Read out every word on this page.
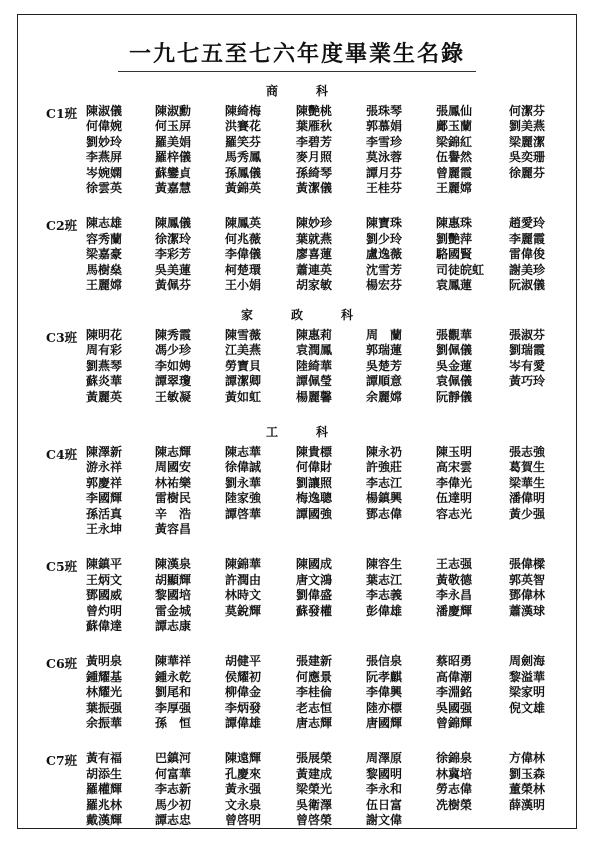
一九七五至七六年度畢業生名錄
商	科
C1班 陳淑儀	陳淑勳	陳綺梅	陳艷桃	張珠琴	張鳳仙	何潔芬
何偉婉	何玉屏	洪賽花	葉雁秋	郭慕娟	鄺玉蘭	劉美燕
劉妙玲	羅美娟	羅笑芬	李碧芳	李雪珍	梁錦紅	梁麗潔
李燕屏	羅梓儀	馬秀鳳	麥月照	莫泳蓉	伍譽然	吳奕珊
岑婉嫻	蘇鑾貞	孫鳳儀	孫綺琴	譚月芬	曾麗霞	徐麗芬
徐雲英	黃嘉慧	黃錦英	黃潔儀	王桂芬	王麗嫦
C2班 陳志雄	陳鳳儀	陳鳳英	陳妙珍	陳寶珠	陳惠珠	趙愛玲
容秀蘭	徐潔玲	何兆薇	葉就燕	劉少玲	劉艷萍	李麗霞
梁嘉豪	李彩芳	李偉儀	廖喜蓮	盧逸薇	駱國賢	雷偉俊
馬樹燊	吳美蓮	柯楚環	蕭連英	沈雪芳	司徒皖虹 謝美珍
王麗嫦	黃佩芬	王小娟	胡家敏	楊宏芬	袁鳳蓮	阮淑儀
家	政	科
C3班 陳明花	陳秀霞	陳雪薇	陳惠莉	周　蘭	張觀華	張淑芬
周有彩	馮少珍	江美燕	袁潤鳳	郭瑞蓮	劉佩儀	劉瑞霞
劉燕琴	李如娉	勞寶貝	陸綺華	吳楚芳	吳金蓮	岑有愛
蘇炎華	譚翠瓊	譚潔卿	譚佩瑩	譚順意	袁佩儀	黃巧玲
黃麗英	王敏凝	黃如虹	楊麗馨	余麗嫦	阮靜儀
工	科
C4班 陳澤新	陳志輝	陳志華	陳貴標	陳永礽	陳玉明	張志強
游永祥	周國安	徐偉誠	何偉財	許強莊	高宋雲	葛賀生
郭慶祥	林祐樂	劉永華	劉讓照	李志江	李偉光	梁華生
李國輝	雷樹民	陸家強	梅逸聰	楊鎮興	伍達明	潘偉明
孫活真	辛　浩	譚啓華	譚國強	鄧志偉	容志光	黃少强
王永坤	黃容昌
C5班 陳鎮平	陳漢泉	陳錦華	陳國成	陳容生	王志强	張偉樑
王炳文	胡顯輝	許潤由	唐文鴻	葉志江	黃敬德	郭英智
鄧國威	黎國培	林時文	劉偉盛	李志義	李永昌	鄧偉林
曾灼明	雷金城	莫銳輝	蘇發權	彭偉雄	潘慶輝	蕭漢球
蘇偉達	譚志康
C6班 黃明泉	陳華祥	胡健平	張建新	張信泉	蔡昭勇	周劍海
鍾耀基	鍾永乾	侯耀初	何應景	阮孝麒	高偉潮	黎溢華
林耀光	劉尾和	柳偉金	李桂倫	李偉興	李淵銘	梁家明
葉振强	李厚强	李炳發	老志恒	陸亦標	吳國强	倪文雄
余振華	孫　恒	譚偉雄	唐志輝	唐國輝	曾錦輝
C7班 黃有福	巴鎮河	陳遠輝	張展榮	周澤原	徐錦泉	方偉林
胡添生	何富華	孔慶來	黃建成	黎國明	林冀培	劉玉森
羅權輝	李志新	黃永强	梁榮光	李永和	勞志偉	董榮林
羅兆林	馬少初	文永泉	吳衛澤	伍日富	冼樹榮	薛漢明
戴漢輝	譚志忠	曾啓明	曾啓榮	謝文偉
